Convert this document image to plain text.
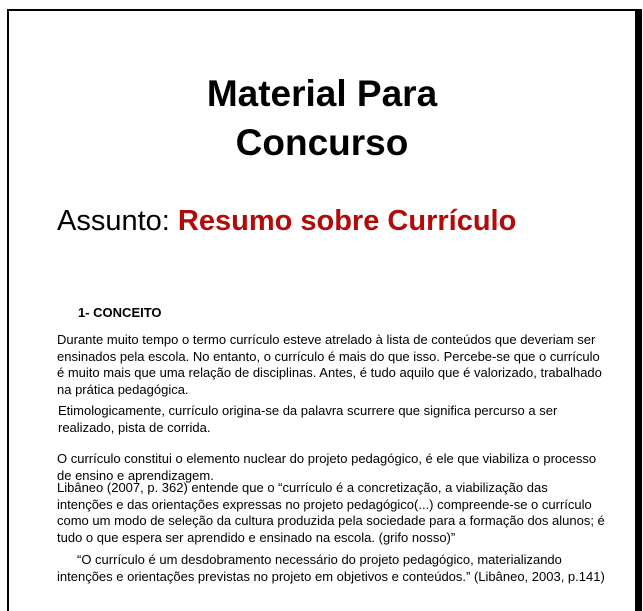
Material Para
Concurso
Assunto: Resumo sobre Currículo
1- CONCEITO

Durante muito tempo o termo currículo esteve atrelado à lista de conteúdos que deveriam ser ensinados pela escola. No entanto, o currículo é mais do que isso. Percebe-se que o currículo é muito mais que uma relação de disciplinas. Antes, é tudo aquilo que é valorizado, trabalhado na prática pedagógica.

Etimologicamente, currículo origina-se da palavra scurrere que significa percurso a ser realizado, pista de corrida.

O currículo constitui o elemento nuclear do projeto pedagógico, é ele que viabiliza o processo de ensino e aprendizagem.

Libâneo (2007, p. 362) entende que o “currículo é a concretização, a viabilização das intenções e das orientações expressas no projeto pedagógico(...) compreende-se o currículo como um modo de seleção da cultura produzida pela sociedade para a formação dos alunos; é tudo o que espera ser aprendido e ensinado na escola. (grifo nosso)”

“O currículo é um desdobramento necessário do projeto pedagógico, materializando intenções e orientações previstas no projeto em objetivos e conteúdos.” (Libâneo, 2003, p.141)
